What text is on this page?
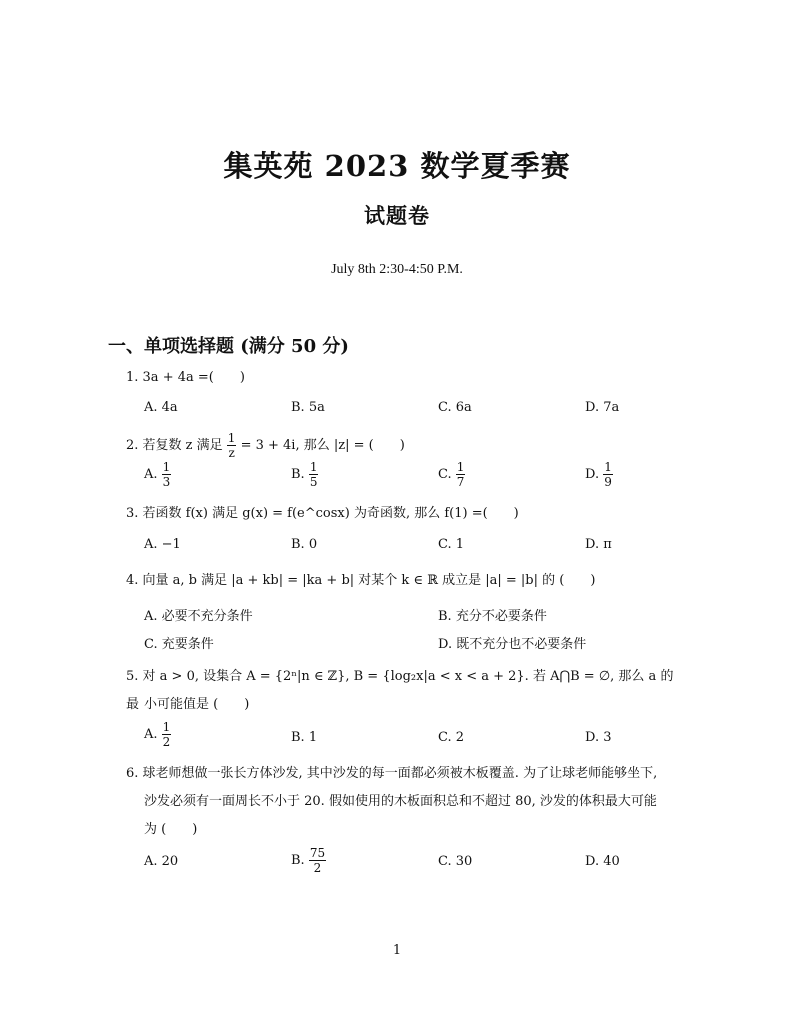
集英苑 2023 数学夏季赛
试题卷
July 8th 2:30-4:50 P.M.
一、单项选择题 (满分 50 分)
1. 3a + 4a =(　　)
A. 4a	B. 5a	C. 6a	D. 7a
2. 若复数 z 满足 $\frac{1}{z} = 3 + 4i$, 那么 |z| = (　　)
A. $\frac{1}{3}$	B. $\frac{1}{5}$	C. $\frac{1}{7}$	D. $\frac{1}{9}$
3. 若函数 f(x) 满足 g(x) = f(e^cosx) 为奇函数, 那么 f(1) =(　　)
A. −1	B. 0	C. 1	D. π
4. 向量 a, b 满足 |a + kb| = |ka + b| 对某个 k ∈ ℝ 成立是 |a| = |b| 的 (　　)
A. 必要不充分条件	B. 充分不必要条件
C. 充要条件	D. 既不充分也不必要条件
5. 对 a > 0, 设集合 A = {2ⁿ|n ∈ ℤ}, B = {log₂x|a < x < a + 2}. 若 A⋂B = ∅, 那么 a 的最 小可能值是 (　　)
A. $\frac{1}{2}$	B. 1	C. 2	D. 3
6. 球老师想做一张长方体沙发, 其中沙发的每一面都必须被木板覆盖. 为了让球老师能够坐下,
沙发必须有一面周长不小于 20. 假如使用的木板面积总和不超过 80, 沙发的体积最大可能
为 (　　)
A. 20	B. $\frac{75}{2}$	C. 30	D. 40
1
